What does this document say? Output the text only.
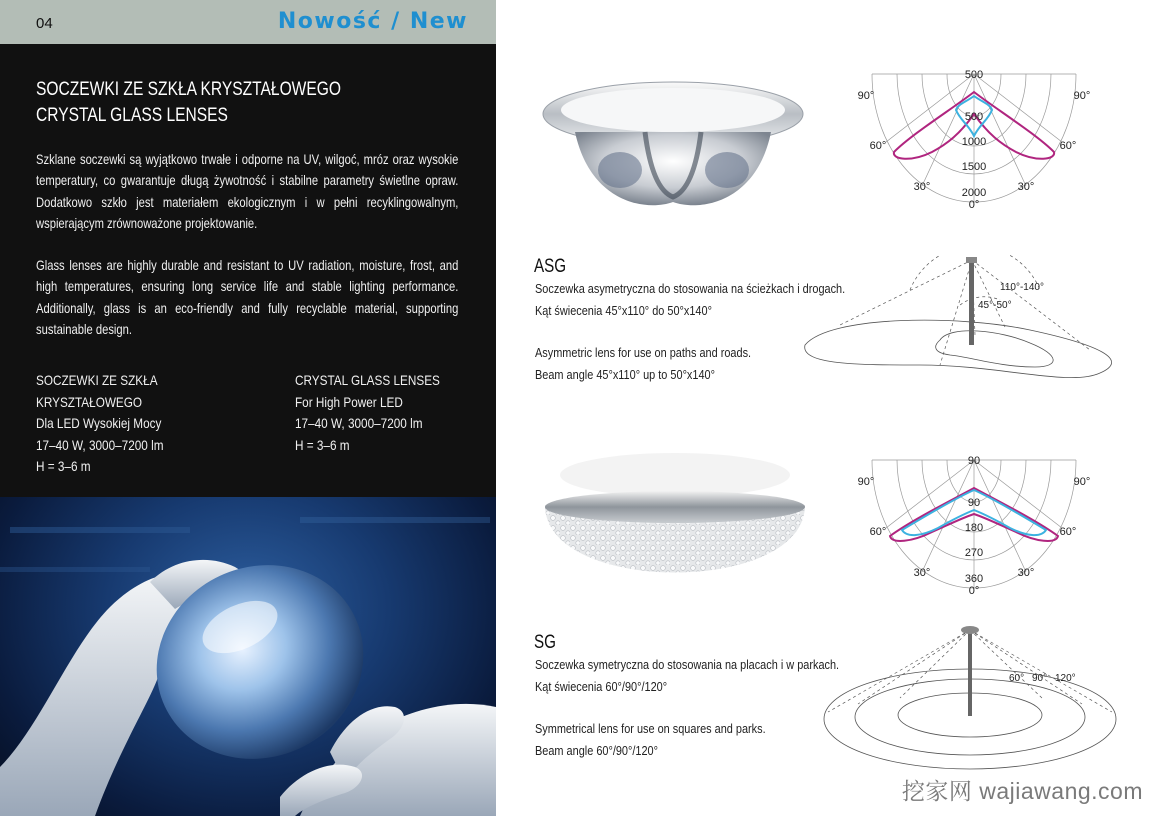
04	Nowość / New
SOCZEWKI ZE SZKŁA KRYSZTAŁOWEGO
CRYSTAL GLASS LENSES

Szklane soczewki są wyjątkowo trwałe i odporne na UV, wilgoć, mróz oraz wysokie temperatury, co gwarantuje długą żywotność i stabilne parametry świetlne opraw. Dodatkowo szkło jest materiałem ekologicznym i w pełni recyklingowalnym, wspierającym zrównoważone projektowanie.

Glass lenses are highly durable and resistant to UV radiation, moisture, frost, and high temperatures, ensuring long service life and stable lighting performance. Additionally, glass is an eco-friendly and fully recyclable material, supporting sustainable design.

SOCZEWKI ZE SZKŁA KRYSZTAŁOWEGO
Dla LED Wysokiej Mocy
17–40 W, 3000–7200 lm
H = 3–6 m
CRYSTAL GLASS LENSES
For High Power LED
17–40 W, 3000–7200 lm
H = 3–6 m
500
500
1000
1500
2000
0°
90°	90°
60°	60°
30°	30°
ASG
Soczewka asymetryczna do stosowania na ścieżkach i drogach.
Kąt świecenia 45°x110° do 50°x140°
Asymmetric lens for use on paths and roads.
Beam angle 45°x110° up to 50°x140°
110°-140°
45°-50°
90
90
180
270
360
0°
90°	90°
60°	60°
30°	30°
SG
Soczewka symetryczna do stosowania na placach i w parkach.
Kąt świecenia 60°/90°/120°
Symmetrical lens for use on squares and parks.
Beam angle 60°/90°/120°
60° 90° 120°
挖家网 wajiawang.com
